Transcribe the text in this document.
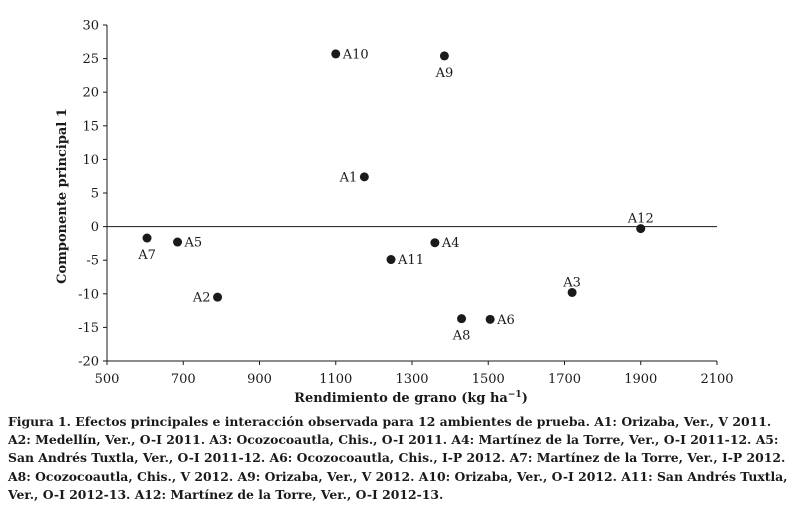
30
25
20
15
10
5
0
-5
-10
-15
-20
500	700	900	1100	1300	1500	1700	1900	2100
A1
A2
A3
A4
A5
A6
A7
A8
A9
A10
A11
A12
Rendimiento de grano (kg $ha^{-1}$)
Componente principal 1
Figura 1. Efectos principales e interacción observada para 12 ambientes de prueba. A1: Orizaba, Ver., V 2011. A2: Medellín, Ver., O-I 2011. A3: Ocozocoautla, Chis., O-I 2011. A4: Martínez de la Torre, Ver., O-I 2011-12. A5: San Andrés Tuxtla, Ver., O-I 2011-12. A6: Ocozocoautla, Chis., I-P 2012. A7: Martínez de la Torre, Ver., I-P 2012. A8: Ocozocoautla, Chis., V 2012. A9: Orizaba, Ver., V 2012. A10: Orizaba, Ver., O-I 2012. A11: San Andrés Tuxtla, Ver., O-I 2012-13. A12: Martínez de la Torre, Ver., O-I 2012-13.
